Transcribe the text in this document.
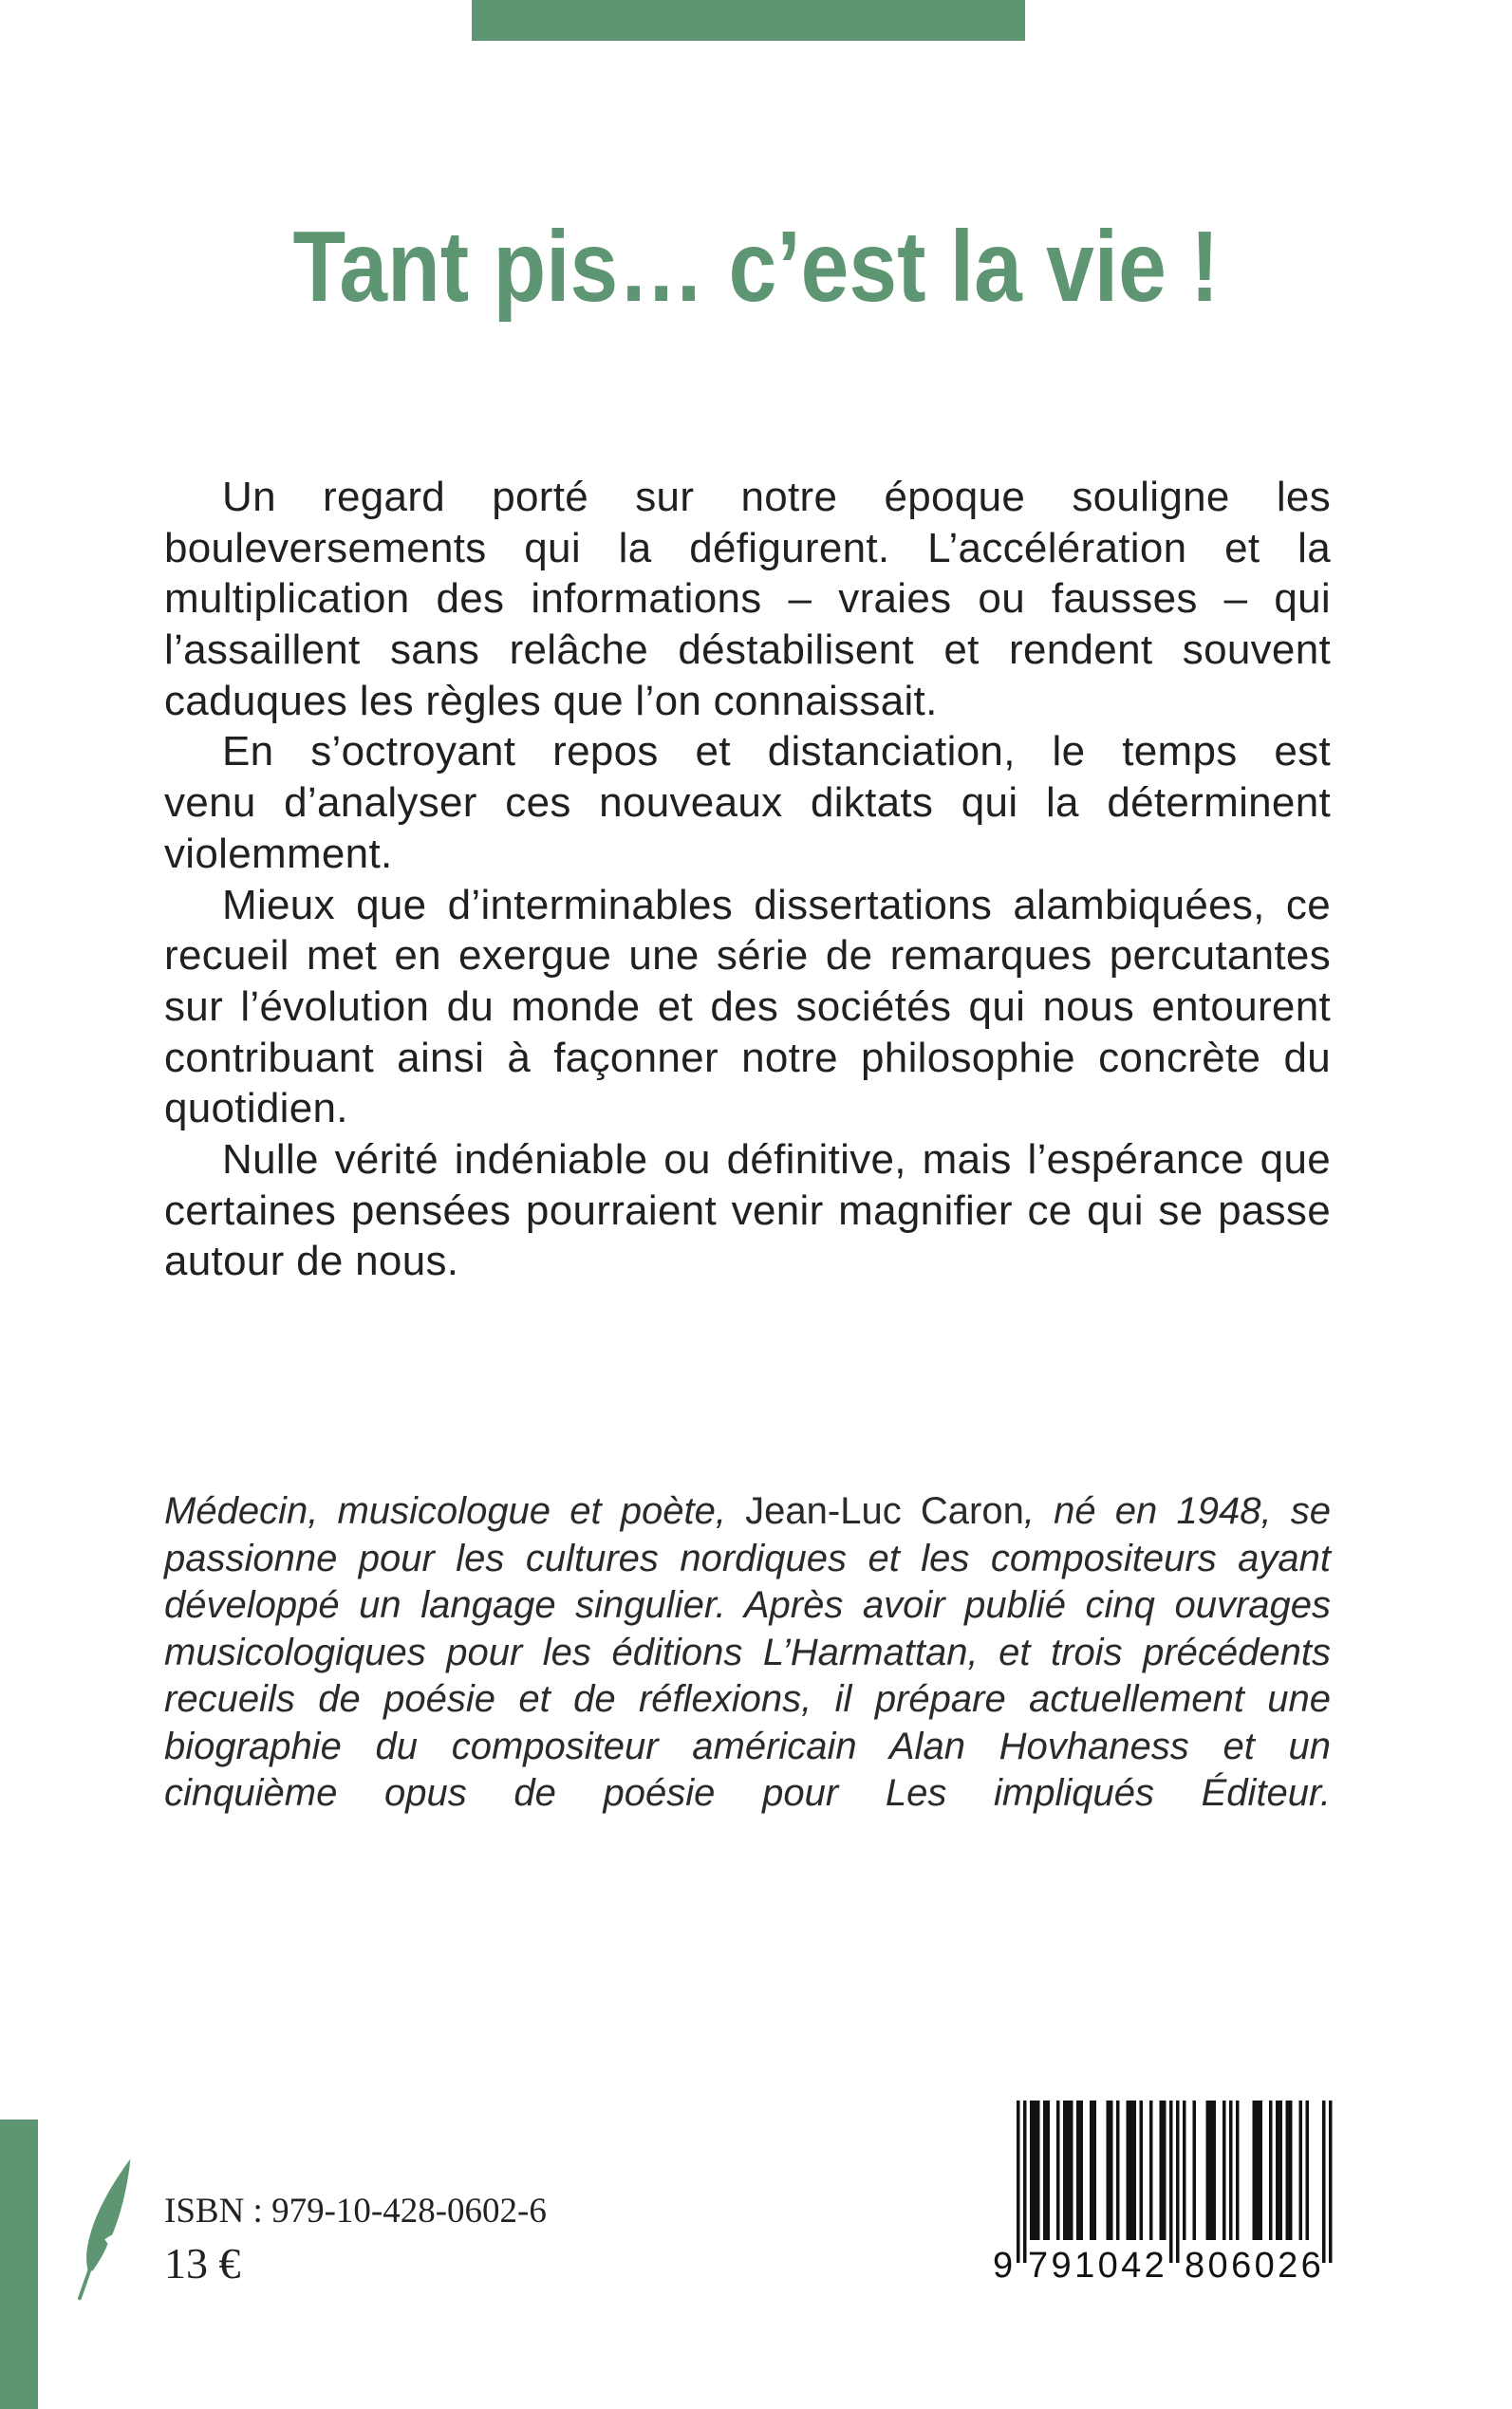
Tant pis… c’est la vie !
Un regard porté sur notre époque souligne les
bouleversements qui la défigurent. L’accélération et la
multiplication des informations – vraies ou fausses – qui
l’assaillent sans relâche déstabilisent et rendent souvent
caduques les règles que l’on connaissait.
En s’octroyant repos et distanciation, le temps est
venu d’analyser ces nouveaux diktats qui la déterminent
violemment.
Mieux que d’interminables dissertations alambiquées, ce
recueil met en exergue une série de remarques percutantes
sur l’évolution du monde et des sociétés qui nous entourent
contribuant ainsi à façonner notre philosophie concrète du
quotidien.
Nulle vérité indéniable ou définitive, mais l’espérance que
certaines pensées pourraient venir magnifier ce qui se passe
autour de nous.
Médecin, musicologue et poète, Jean-Luc Caron, né en 1948, se
passionne pour les cultures nordiques et les compositeurs ayant
développé un langage singulier. Après avoir publié cinq ouvrages
musicologiques pour les éditions L’Harmattan, et trois précédents
recueils de poésie et de réflexions, il prépare actuellement une
biographie du compositeur américain Alan Hovhaness et un
cinquième opus de poésie pour Les impliqués Éditeur.
ISBN : 979-10-428-0602-6
13 €	9 791042 806026
